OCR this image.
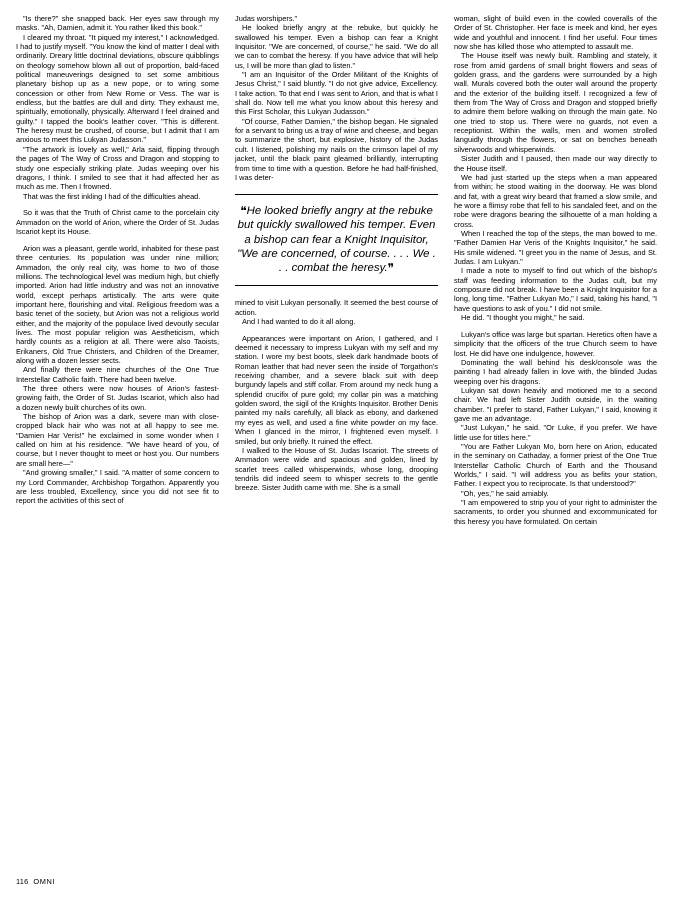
"Is there?" she snapped back. Her eyes saw through my masks. "Ah, Damien, admit it. You rather liked this book."

I cleared my throat. "It piqued my interest," I acknowledged. I had to justify myself. "You know the kind of matter I deal with ordinarily. Dreary little doctrinal deviations, obscure quibblings on theology somehow blown all out of proportion, bald-faced political maneuverings designed to set some ambitious planetary bishop up as a new pope, or to wring some concession or other from New Rome or Vess. The war is endless, but the battles are dull and dirty. They exhaust me, spiritually, emotionally, physically. Afterward I feel drained and guilty." I tapped the book's leather cover. "This is different. The heresy must be crushed, of course, but I admit that I am anxious to meet this Lukyan Judasson."

"The artwork is lovely as well," Arla said, flipping through the pages of The Way of Cross and Dragon and stopping to study one especially striking plate. Judas weeping over his dragons, I think. I smiled to see that it had affected her as much as me. Then I frowned.

That was the first inkling I had of the difficulties ahead.

So it was that the Truth of Christ came to the porcelain city Ammadon on the world of Arion, where the Order of St. Judas Iscariot kept its House.

Arion was a pleasant, gentle world, inhabited for these past three centuries. Its population was under nine million; Ammadon, the only real city, was home to two of those millions. The technological level was medium high, but chiefly imported. Arion had little industry and was not an innovative world, except perhaps artistically. The arts were quite important here, flourishing and vital. Religious freedom was a basic tenet of the society, but Arion was not a religious world either, and the majority of the populace lived devoutly secular lives. The most popular religion was Aestheticism, which hardly counts as a religion at all. There were also Taoists, Erikaners, Old True Christers, and Children of the Dreamer, along with a dozen lesser sects.

And finally there were nine churches of the One True Interstellar Catholic faith. There had been twelve.

The three others were now houses of Arion's fastest-growing faith, the Order of St. Judas Iscariot, which also had a dozen newly built churches of its own.

The bishop of Arion was a dark, severe man with close-cropped black hair who was not at all happy to see me. "Damien Har Veris!" he exclaimed in some wonder when I called on him at his residence. "We have heard of you, of course, but I never thought to meet or host you. Our numbers are small here—"

"And growing smaller," I said. "A matter of some concern to my Lord Commander, Archbishop Torgathon. Apparently you are less troubled, Excellency, since you did not see fit to report the activities of this sect of

Judas worshipers."

He looked briefly angry at the rebuke, but quickly he swallowed his temper. Even a bishop can fear a Knight Inquisitor. "We are concerned, of course," he said. "We do all we can to combat the heresy. If you have advice that will help us, I will be more than glad to listen."

"I am an Inquisitor of the Order Militant of the Knights of Jesus Christ," I said bluntly. "I do not give advice, Excellency. I take action. To that end I was sent to Arion, and that is what I shall do. Now tell me what you know about this heresy and this First Scholar, this Lukyan Judasson."

"Of course, Father Damien," the bishop began. He signaled for a servant to bring us a tray of wine and cheese, and began to summarize the short, but explosive, history of the Judas cult. I listened, polishing my nails on the crimson lapel of my jacket, until the black paint gleamed brilliantly, interrupting from time to time with a question. Before he had half-finished, I was deter-

❝He looked briefly angry at the rebuke but quickly swallowed his temper. Even a bishop can fear a Knight Inquisitor, "We are concerned, of course. . . . We . . . combat the heresy.❞

mined to visit Lukyan personally. It seemed the best course of action.

And I had wanted to do it all along.

Appearances were important on Arion, I gathered, and I deemed it necessary to impress Lukyan with my self and my station. I wore my best boots, sleek dark handmade boots of Roman leather that had never seen the inside of Torgathon's receiving chamber, and a severe black suit with deep burgundy lapels and stiff collar. From around my neck hung a splendid crucifix of pure gold; my collar pin was a matching golden sword, the sigil of the Knights Inquisitor. Brother Denis painted my nails carefully, all black as ebony, and darkened my eyes as well, and used a fine white powder on my face. When I glanced in the mirror, I frightened even myself. I smiled, but only briefly. It ruined the effect.

I walked to the House of St. Judas Iscariot. The streets of Ammadon were wide and spacious and golden, lined by scarlet trees called whisperwinds, whose long, drooping tendrils did indeed seem to whisper secrets to the gentle breeze. Sister Judith came with me. She is a small

woman, slight of build even in the cowled coveralls of the Order of St. Christopher. Her face is meek and kind, her eyes wide and youthful and innocent. I find her useful. Four times now she has killed those who attempted to assault me.

The House itself was newly built. Rambling and stately, it rose from amid gardens of small bright flowers and seas of golden grass, and the gardens were surrounded by a high wall. Murals covered both the outer wall around the property and the exterior of the building itself. I recognized a few of them from The Way of Cross and Dragon and stopped briefly to admire them before walking on through the main gate. No one tried to stop us. There were no guards, not even a receptionist. Within the walls, men and women strolled languidly through the flowers, or sat on benches beneath silverwoods and whisperwinds.

Sister Judith and I paused, then made our way directly to the House itself.

We had just started up the steps when a man appeared from within; he stood waiting in the doorway. He was blond and fat, with a great wiry beard that framed a slow smile, and he wore a flimsy robe that fell to his sandaled feet, and on the robe were dragons bearing the silhouette of a man holding a cross.

When I reached the top of the steps, the man bowed to me. "Father Damien Har Veris of the Knights Inquisitor," he said. His smile widened. "I greet you in the name of Jesus, and St. Judas. I am Lukyan."

I made a note to myself to find out which of the bishop's staff was feeding information to the Judas cult, but my composure did not break. I have been a Knight Inquisitor for a long, long time. "Father Lukyan Mo," I said, taking his hand, "I have questions to ask of you." I did not smile.

He did. "I thought you might," he said.

Lukyan's office was large but spartan. Heretics often have a simplicity that the officers of the true Church seem to have lost. He did have one indulgence, however.

Dominating the wall behind his desk/console was the painting I had already fallen in love with, the blinded Judas weeping over his dragons.

Lukyan sat down heavily and motioned me to a second chair. We had left Sister Judith outside, in the waiting chamber. "I prefer to stand, Father Lukyan," I said, knowing it gave me an advantage.

"Just Lukyan," he said. "Or Luke, if you prefer. We have little use for titles here."

"You are Father Lukyan Mo, born here on Arion, educated in the seminary on Cathaday, a former priest of the One True Interstellar Catholic Church of Earth and the Thousand Worlds," I said. "I will address you as befits your station, Father. I expect you to reciprocate. Is that understood?"

"Oh, yes," he said amiably.

"I am empowered to strip you of your right to administer the sacraments, to order you shunned and excommunicated for this heresy you have formulated. On certain

116 OMNI
